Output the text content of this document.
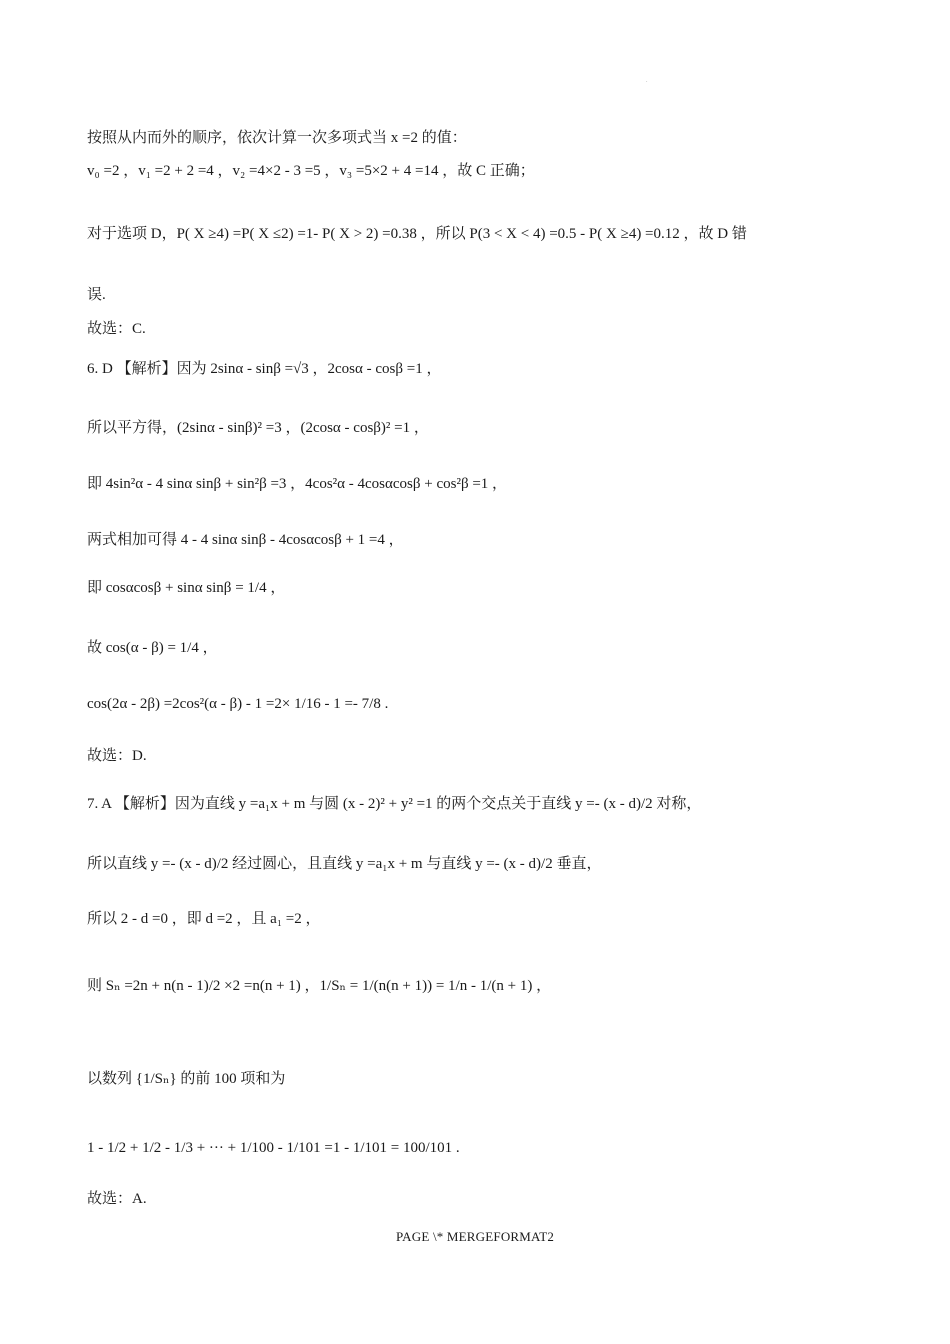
.
按照从内而外的顺序，依次计算一次多项式当 x =2 的值：
v₀ =2 ，v₁ =2 + 2 =4 ，v₂ =4×2 - 3 =5 ，v₃ =5×2 + 4 =14 ，故 C 正确；
对于选项 D，P( X ≥4) =P( X ≤2) =1- P( X > 2) =0.38 ，所以 P(3 < X < 4) =0.5 - P( X ≥4) =0.12 ，故 D 错
误.
故选：C.
6. D 【解析】因为 2sinα - sinβ =√3 ，2cosα - cosβ =1 ，
所以平方得，(2sinα - sinβ)² =3 ，(2cosα - cosβ)² =1 ，
即 4sin²α - 4 sinα sinβ + sin²β =3 ，4cos²α - 4cosαcosβ + cos²β =1 ，
两式相加可得 4 - 4 sinα sinβ - 4cosαcosβ + 1 =4 ，
即 cosαcosβ + sinα sinβ = 1/4 ，
故 cos(α - β) = 1/4 ，
cos(2α - 2β) =2cos²(α - β) - 1 =2× 1/16 - 1 =- 7/8 .
故选：D.
7. A 【解析】因为直线 y =a₁x + m 与圆 (x - 2)² + y² =1 的两个交点关于直线 y =- (x - d)/2 对称，
所以直线 y =- (x - d)/2 经过圆心，且直线 y =a₁x + m 与直线 y =- (x - d)/2 垂直，
所以 2 - d =0 ，即 d =2 ，且 a₁ =2 ，
则 Sₙ =2n + n(n - 1)/2 ×2 =n(n + 1) ，1/Sₙ = 1/(n(n + 1)) = 1/n - 1/(n + 1) ，
以数列 {1/Sₙ} 的前 100 项和为
1 - 1/2 + 1/2 - 1/3 + ··· + 1/100 - 1/101 =1 - 1/101 = 100/101 .
故选：A.
PAGE \* MERGEFORMAT2
